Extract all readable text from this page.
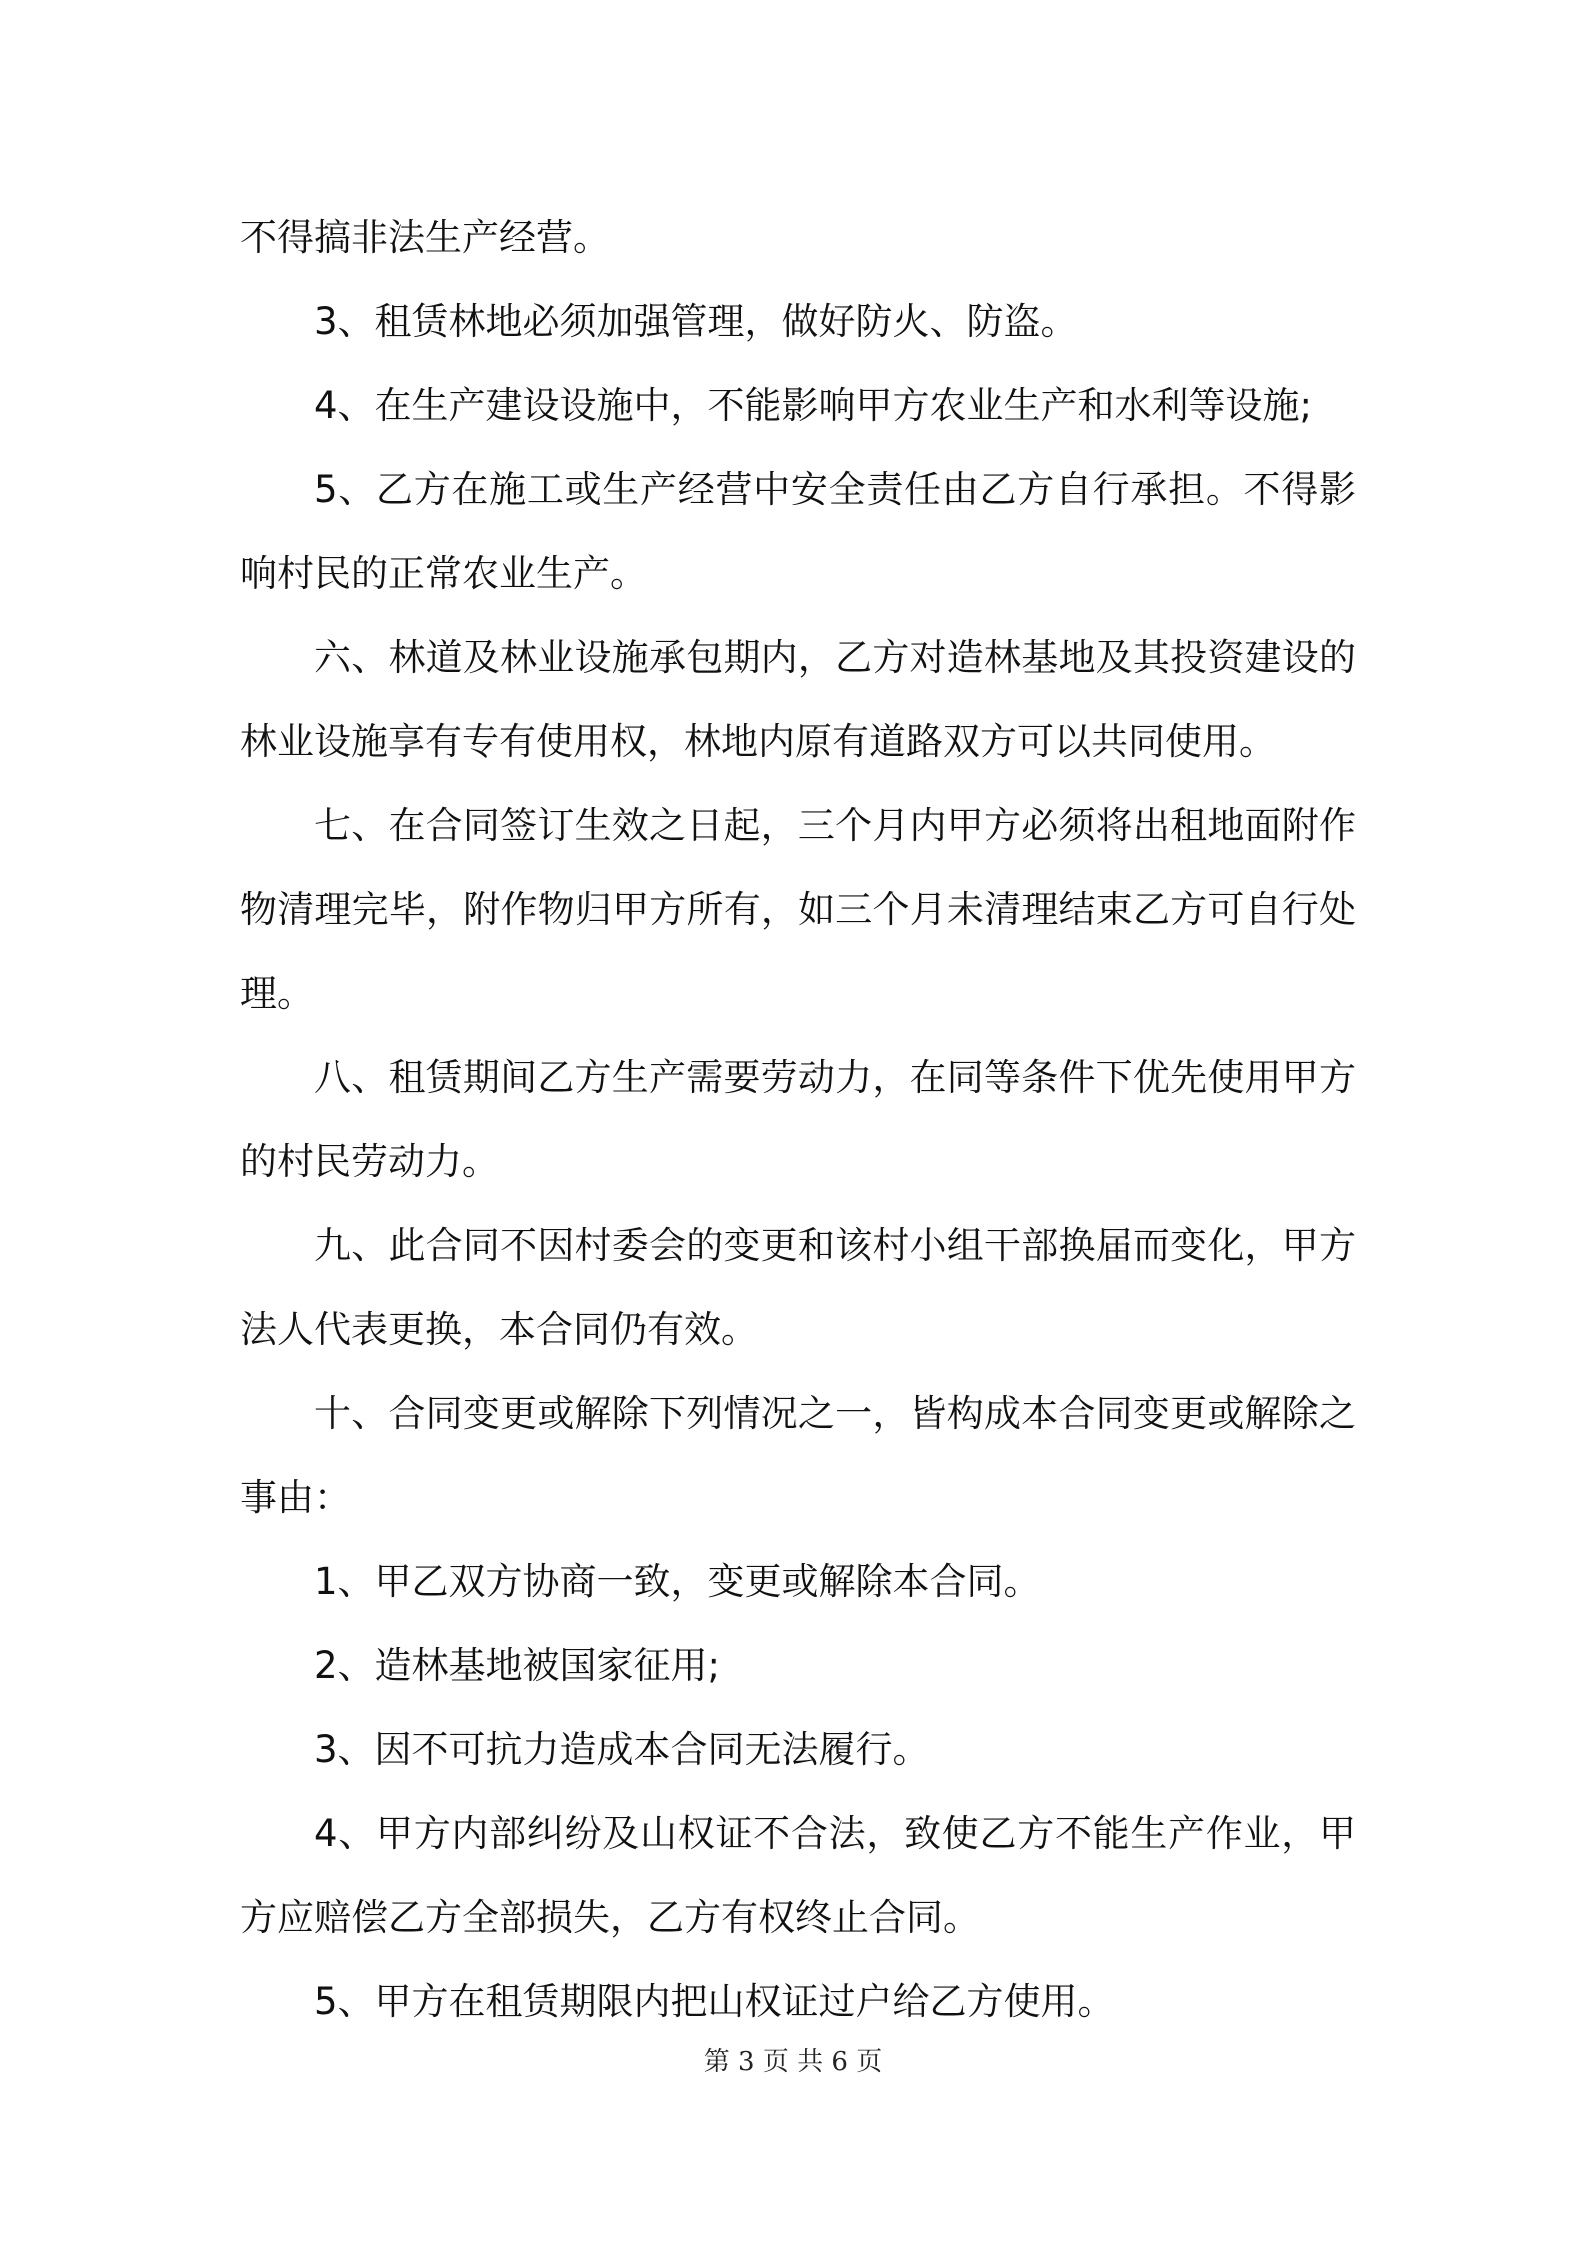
不得搞非法生产经营。

3、租赁林地必须加强管理，做好防火、防盗。

4、在生产建设设施中，不能影响甲方农业生产和水利等设施;

5、乙方在施工或生产经营中安全责任由乙方自行承担。不得影响村民的正常农业生产。

六、林道及林业设施承包期内，乙方对造林基地及其投资建设的林业设施享有专有使用权，林地内原有道路双方可以共同使用。

七、在合同签订生效之日起，三个月内甲方必须将出租地面附作物清理完毕，附作物归甲方所有，如三个月未清理结束乙方可自行处理。

八、租赁期间乙方生产需要劳动力，在同等条件下优先使用甲方的村民劳动力。

九、此合同不因村委会的变更和该村小组干部换届而变化，甲方法人代表更换，本合同仍有效。

十、合同变更或解除下列情况之一，皆构成本合同变更或解除之事由：

1、甲乙双方协商一致，变更或解除本合同。

2、造林基地被国家征用;

3、因不可抗力造成本合同无法履行。

4、甲方内部纠纷及山权证不合法，致使乙方不能生产作业，甲方应赔偿乙方全部损失，乙方有权终止合同。

5、甲方在租赁期限内把山权证过户给乙方使用。

第 3 页 共 6 页
